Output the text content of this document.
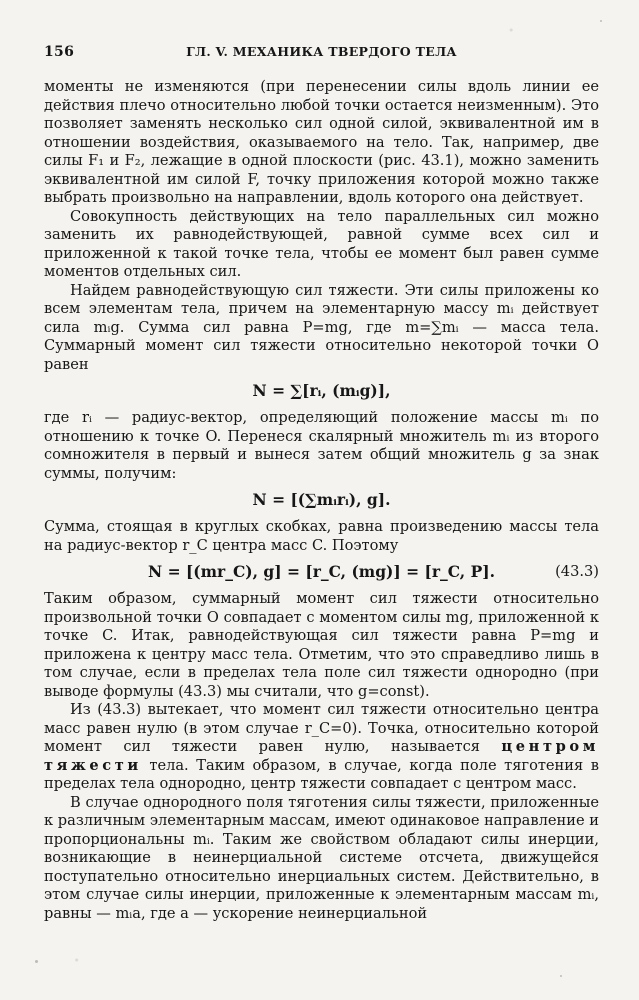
156	ГЛ. V. МЕХАНИКА ТВЕРДОГО ТЕЛА

моменты не изменяются (при перенесении силы вдоль линии ее действия плечо относительно любой точки остается неизменным). Это позволяет заменять несколько сил одной силой, эквивалентной им в отношении воздействия, оказываемого на тело. Так, например, две силы F₁ и F₂, лежащие в одной плоскости (рис. 43.1), можно заменить эквивалентной им силой F, точку приложения которой можно также выбрать произвольно на направлении, вдоль которого она действует.

Совокупность действующих на тело параллельных сил можно заменить их равнодействующей, равной сумме всех сил и приложенной к такой точке тела, чтобы ее момент был равен сумме моментов отдельных сил.

Найдем равнодействующую сил тяжести. Эти силы приложены ко всем элементам тела, причем на элементарную массу mᵢ действует сила mᵢg. Сумма сил равна P=mg, где m=∑mᵢ — масса тела. Суммарный момент сил тяжести относительно некоторой точки O равен

N = ∑[rᵢ, (mᵢg)],

где rᵢ — радиус-вектор, определяющий положение массы mᵢ по отношению к точке O. Перенеся скалярный множитель mᵢ из второго сомножителя в первый и вынеся затем общий множитель g за знак суммы, получим:

N = [(∑mᵢrᵢ), g].

Сумма, стоящая в круглых скобках, равна произведению массы тела на радиус-вектор r_C центра масс C. Поэтому

N = [(mr_C), g] = [r_C, (mg)] = [r_C, P].	(43.3)

Таким образом, суммарный момент сил тяжести относительно произвольной точки O совпадает с моментом силы mg, приложенной к точке C. Итак, равнодействующая сил тяжести равна P=mg и приложена к центру масс тела. Отметим, что это справедливо лишь в том случае, если в пределах тела поле сил тяжести однородно (при выводе формулы (43.3) мы считали, что g=const).

Из (43.3) вытекает, что момент сил тяжести относительно центра масс равен нулю (в этом случае r_C=0). Точка, относительно которой момент сил тяжести равен нулю, называется центром тяжести тела. Таким образом, в случае, когда поле тяготения в пределах тела однородно, центр тяжести совпадает с центром масс.

В случае однородного поля тяготения силы тяжести, приложенные к различным элементарным массам, имеют одинаковое направление и пропорциональны mᵢ. Таким же свойством обладают силы инерции, возникающие в неинерциальной системе отсчета, движущейся поступательно относительно инерциальных систем. Действительно, в этом случае силы инерции, приложенные к элементарным массам mᵢ, равны — mᵢa, где a — ускорение неинерциальной
